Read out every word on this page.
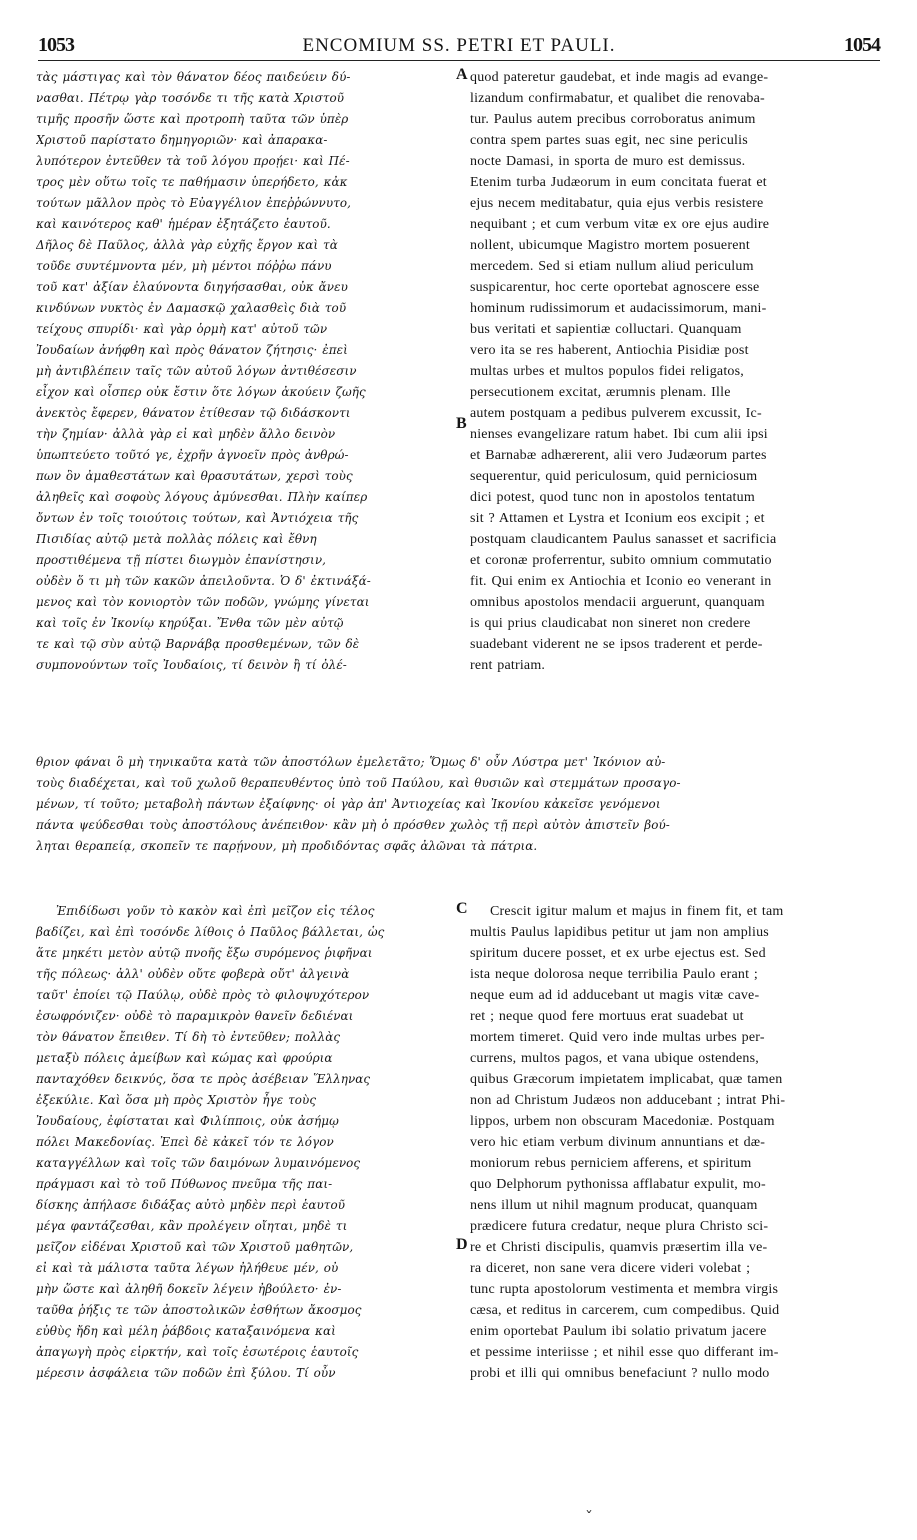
1053	ENCOMIUM SS. PETRI ET PAULI.	1054
τὰς μάστιγας καὶ τὸν θάνατον δέος παιδεύειν δύ-
νασθαι. Πέτρῳ γὰρ τοσόνδε τι τῆς κατὰ Χριστοῦ
τιμῆς προσῆν ὥστε καὶ προτροπὴ ταῦτα τῶν ὑπὲρ
Χριστοῦ παρίστατο δημηγοριῶν· καὶ ἀπαρακα-
λυπότερον ἐντεῦθεν τὰ τοῦ λόγου προῄει· καὶ Πέ-
τρος μὲν οὕτω τοῖς τε παθήμασιν ὑπερήδετο, κἀκ
τούτων μᾶλλον πρὸς τὸ Εὐαγγέλιον ἐπεῤῥώννυτο,
καὶ καινότερος καθ' ἡμέραν ἐξητάζετο ἑαυτοῦ.
Δῆλος δὲ Παῦλος, ἀλλὰ γὰρ εὐχῆς ἔργον καὶ τὰ
τοῦδε συντέμνοντα μέν, μὴ μέντοι πόῤῥω πάνυ
τοῦ κατ' ἀξίαν ἐλαύνοντα διηγήσασθαι, οὐκ ἄνευ
κινδύνων νυκτὸς ἐν Δαμασκῷ χαλασθεὶς διὰ τοῦ
τείχους σπυρίδι· καὶ γὰρ ὁρμὴ κατ' αὐτοῦ τῶν
Ἰουδαίων ἀνήφθη καὶ πρὸς θάνατον ζήτησις· ἐπεὶ
μὴ ἀντιβλέπειν ταῖς τῶν αὐτοῦ λόγων ἀντιθέσεσιν
εἶχον καὶ οἶσπερ οὐκ ἔστιν ὅτε λόγων ἀκούειν ζωῆς
ἀνεκτὸς ἔφερεν, θάνατον ἐτίθεσαν τῷ διδάσκοντι
τὴν ζημίαν· ἀλλὰ γὰρ εἰ καὶ μηδὲν ἄλλο δεινὸν
ὑπωπτεύετο τοῦτό γε, ἐχρῆν ἀγνοεῖν πρὸς ἀνθρώ-
πων ὃν ἀμαθεστάτων καὶ θρασυτάτων, χερσὶ τοὺς
ἀληθεῖς καὶ σοφοὺς λόγους ἀμύνεσθαι. Πλὴν καίπερ
ὄντων ἐν τοῖς τοιούτοις τούτων, καὶ Ἀντιόχεια τῆς
Πισιδίας αὐτῷ μετὰ πολλὰς πόλεις καὶ ἔθνη
προστιθέμενα τῇ πίστει διωγμὸν ἐπανίστησιν,
οὐδὲν ὅ τι μὴ τῶν κακῶν ἀπειλοῦντα. Ὁ δ' ἐκτινάξά-
μενος καὶ τὸν κονιορτὸν τῶν ποδῶν, γνώμης γίνεται
καὶ τοῖς ἐν Ἰκονίῳ κηρύξαι. Ἔνθα τῶν μὲν αὐτῷ
τε καὶ τῷ σὺν αὐτῷ Βαρνάβᾳ προσθεμένων, τῶν δὲ
συμπονούντων τοῖς Ἰουδαίοις, τί δεινὸν ἢ τί ὀλέ-
quod pateretur gaudebat, et inde magis ad evange-
lizandum confirmabatur, et qualibet die renovaba-
tur. Paulus autem precibus corroboratus animum
contra spem partes suas egit, nec sine periculis
nocte Damasi, in sporta de muro est demissus.
Etenim turba Judæorum in eum concitata fuerat et
ejus necem meditabatur, quia ejus verbis resistere
nequibant ; et cum verbum vitæ ex ore ejus audire
nollent, ubicumque Magistro mortem posuerent
mercedem. Sed si etiam nullum aliud periculum
suspicarentur, hoc certe oportebat agnoscere esse
hominum rudissimorum et audacissimorum, mani-
bus veritati et sapientiæ colluctari. Quanquam
vero ita se res haberent, Antiochia Pisidiæ post
multas urbes et multos populos fidei religatos,
persecutionem excitat, ærumnis plenam. Ille
autem postquam a pedibus pulverem excussit, Ic-
nienses evangelizare ratum habet. Ibi cum alii ipsi
et Barnabæ adhærerent, alii vero Judæorum partes
sequerentur, quid periculosum, quid perniciosum
dici potest, quod tunc non in apostolos tentatum
sit ? Attamen et Lystra et Iconium eos excipit ; et
postquam claudicantem Paulus sanasset et sacrificia
et coronæ proferrentur, subito omnium commutatio
fit. Qui enim ex Antiochia et Iconio eo venerant in
omnibus apostolos mendacii arguerunt, quanquam
is qui prius claudicabat non sineret non credere
suadebant viderent ne se ipsos traderent et perde-
rent patriam.
θριον φάναι ὃ μὴ τηνικαῦτα κατὰ τῶν ἀποστόλων ἐμελετᾶτο; Ὅμως δ' οὖν Λύστρα μετ' Ἰκόνιον αὐ-
τοὺς διαδέχεται, καὶ τοῦ χωλοῦ θεραπευθέντος ὑπὸ τοῦ Παύλου, καὶ θυσιῶν καὶ στεμμάτων προσαγο-
μένων, τί τοῦτο; μεταβολὴ πάντων ἐξαίφνης· οἱ γὰρ ἀπ' Ἀντιοχείας καὶ Ἰκονίου κἀκεῖσε γενόμενοι
πάντα ψεύδεσθαι τοὺς ἀποστόλους ἀνέπειθον· κἂν μὴ ὁ πρόσθεν χωλὸς τῇ περὶ αὐτὸν ἀπιστεῖν βού-
ληται θεραπείᾳ, σκοπεῖν τε παρῄνουν, μὴ προδιδόντας σφᾶς ἀλῶναι τὰ πάτρια.
Ἐπιδίδωσι γοῦν τὸ κακὸν καὶ ἐπὶ μεῖζον εἰς τέλος
βαδίζει, καὶ ἐπὶ τοσόνδε λίθοις ὁ Παῦλος βάλλεται, ὡς
ἅτε μηκέτι μετὸν αὐτῷ πνοῆς ἔξω συρόμενος ῥιφῆναι
τῆς πόλεως· ἀλλ' οὐδὲν οὔτε φοβερὰ οὔτ' ἀλγεινὰ
ταῦτ' ἐποίει τῷ Παύλῳ, οὐδὲ πρὸς τὸ φιλοψυχότερον
ἐσωφρόνιζεν· οὐδὲ τὸ παραμικρὸν θανεῖν δεδιέναι
τὸν θάνατον ἔπειθεν. Τί δὴ τὸ ἐντεῦθεν; πολλὰς
μεταξὺ πόλεις ἀμείβων καὶ κώμας καὶ φρούρια
πανταχόθεν δεικνύς, ὅσα τε πρὸς ἀσέβειαν Ἕλληνας
ἐξεκύλιε. Καὶ ὅσα μὴ πρὸς Χριστὸν ἦγε τοὺς
Ἰουδαίους, ἐφίσταται καὶ Φιλίπποις, οὐκ ἀσήμῳ
πόλει Μακεδονίας. Ἐπεὶ δὲ κἀκεῖ τόν τε λόγον
καταγγέλλων καὶ τοῖς τῶν δαιμόνων λυμαινόμενος
πράγμασι καὶ τὸ τοῦ Πύθωνος πνεῦμα τῆς παι-
δίσκης ἀπήλασε διδάξας αὐτὸ μηδὲν περὶ ἑαυτοῦ
μέγα φαντάζεσθαι, κἂν προλέγειν οἴηται, μηδὲ τι
μεῖζον εἰδέναι Χριστοῦ καὶ τῶν Χριστοῦ μαθητῶν,
εἰ καὶ τὰ μάλιστα ταῦτα λέγων ἠλήθευε μέν, οὐ
μὴν ὥστε καὶ ἀληθῆ δοκεῖν λέγειν ἠβούλετο· ἐν-
ταῦθα ῥήξις τε τῶν ἀποστολικῶν ἐσθήτων ἄκοσμος
εὐθὺς ἤδη καὶ μέλη ῥάβδοις καταξαινόμενα καὶ
ἀπαγωγὴ πρὸς εἱρκτήν, καὶ τοῖς ἐσωτέροις ἑαυτοῖς
μέρεσιν ἀσφάλεια τῶν ποδῶν ἐπὶ ξύλου. Τί οὖν
Crescit igitur malum et majus in finem fit, et tam
multis Paulus lapidibus petitur ut jam non amplius
spiritum ducere posset, et ex urbe ejectus est. Sed
ista neque dolorosa neque terribilia Paulo erant ;
neque eum ad id adducebant ut magis vitæ cave-
ret ; neque quod fere mortuus erat suadebat ut
mortem timeret. Quid vero inde multas urbes per-
currens, multos pagos, et vana ubique ostendens,
quibus Græcorum impietatem implicabat, quæ tamen
non ad Christum Judæos non adducebant ; intrat Phi-
lippos, urbem non obscuram Macedoniæ. Postquam
vero hic etiam verbum divinum annuntians et dæ-
moniorum rebus perniciem afferens, et spiritum
quo Delphorum pythonissa afflabatur expulit, mo-
nens illum ut nihil magnum producat, quanquam
prædicere futura credatur, neque plura Christo sci-
re et Christi discipulis, quamvis præsertim illa ve-
ra diceret, non sane vera dicere videri volebat ;
tunc rupta apostolorum vestimenta et membra virgis
cæsa, et reditus in carcerem, cum compedibus. Quid
enim oportebat Paulum ibi solatio privatum jacere
et pessime interiisse ; et nihil esse quo differant im-
probi et illi qui omnibus benefaciunt ? nullo modo
A
B
C
D
ˇ
